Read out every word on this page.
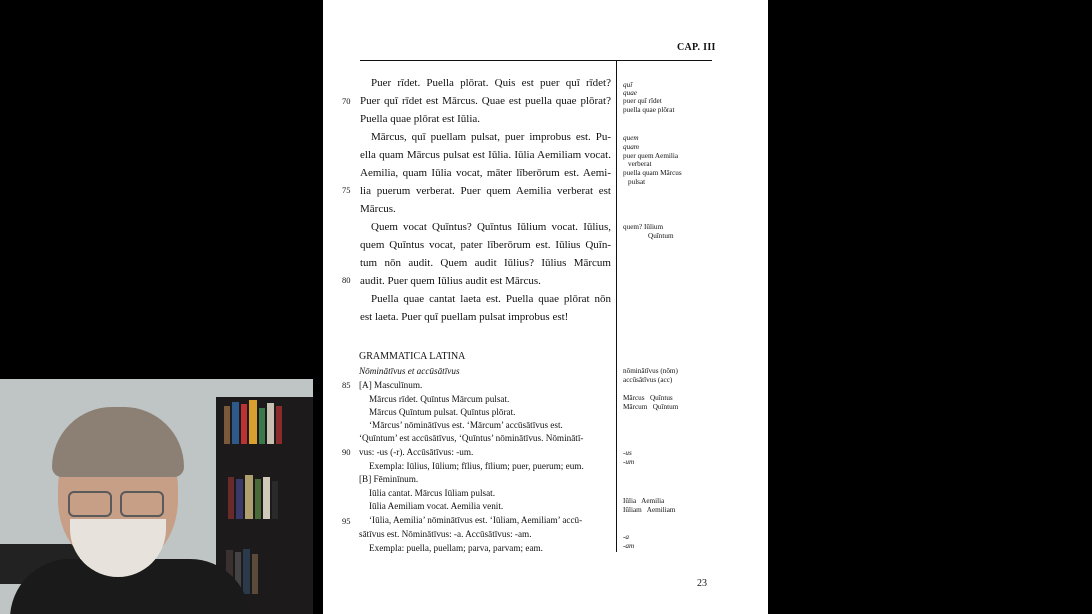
CAP. III
70
75
80
85
90
95
Puer rīdet. Puella plōrat. Quis est puer quī rīdet?
Puer quī rīdet est Mārcus. Quae est puella quae plōrat?
Puella quae plōrat est Iūlia.
Mārcus, quī puellam pulsat, puer improbus est. Pu-
ella quam Mārcus pulsat est Iūlia. Iūlia Aemiliam vocat.
Aemilia, quam Iūlia vocat, māter līberōrum est. Aemi-
lia puerum verberat. Puer quem Aemilia verberat est
Mārcus.
Quem vocat Quīntus? Quīntus Iūlium vocat. Iūlius,
quem Quīntus vocat, pater līberōrum est. Iūlius Quīn-
tum nōn audit. Quem audit Iūlius? Iūlius Mārcum
audit. Puer quem Iūlius audit est Mārcus.
Puella quae cantat laeta est. Puella quae plōrat nōn
est laeta. Puer quī puellam pulsat improbus est!
GRAMMATICA LATINA
Nōminātīvus et accūsātīvus
[A] Masculīnum.
Mārcus rīdet. Quīntus Mārcum pulsat.
Mārcus Quīntum pulsat. Quīntus plōrat.
‘Mārcus’ nōminātīvus est. ‘Mārcum’ accūsātīvus est.
‘Quīntum’ est accūsātīvus, ‘Quīntus’ nōminātīvus. Nōminātī-
vus: -us (-r). Accūsātīvus: -um.
Exempla: Iūlius, Iūlium; fīlius, fīlium; puer, puerum; eum.
[B] Fēminīnum.
Iūlia cantat. Mārcus Iūliam pulsat.
Iūlia Aemiliam vocat. Aemilia venit.
‘Iūlia, Aemilia’ nōminātīvus est. ‘Iūliam, Aemiliam’ accū-
sātīvus est. Nōminātīvus: -a. Accūsātīvus: -am.
Exempla: puella, puellam; parva, parvam; eam.
quī
quae
puer quī rīdet
puella quae plōrat
quem
quam
puer quem Aemilia
verberat
puella quam Mārcus
pulsat
quem? Iūlium
Quīntum
nōminātīvus (nōm)
accūsātīvus (acc)
Mārcus   Quīntus
Mārcum   Quīntum
-us
-um
Iūlia   Aemilia
Iūliam   Aemiliam
-a
-am
23
